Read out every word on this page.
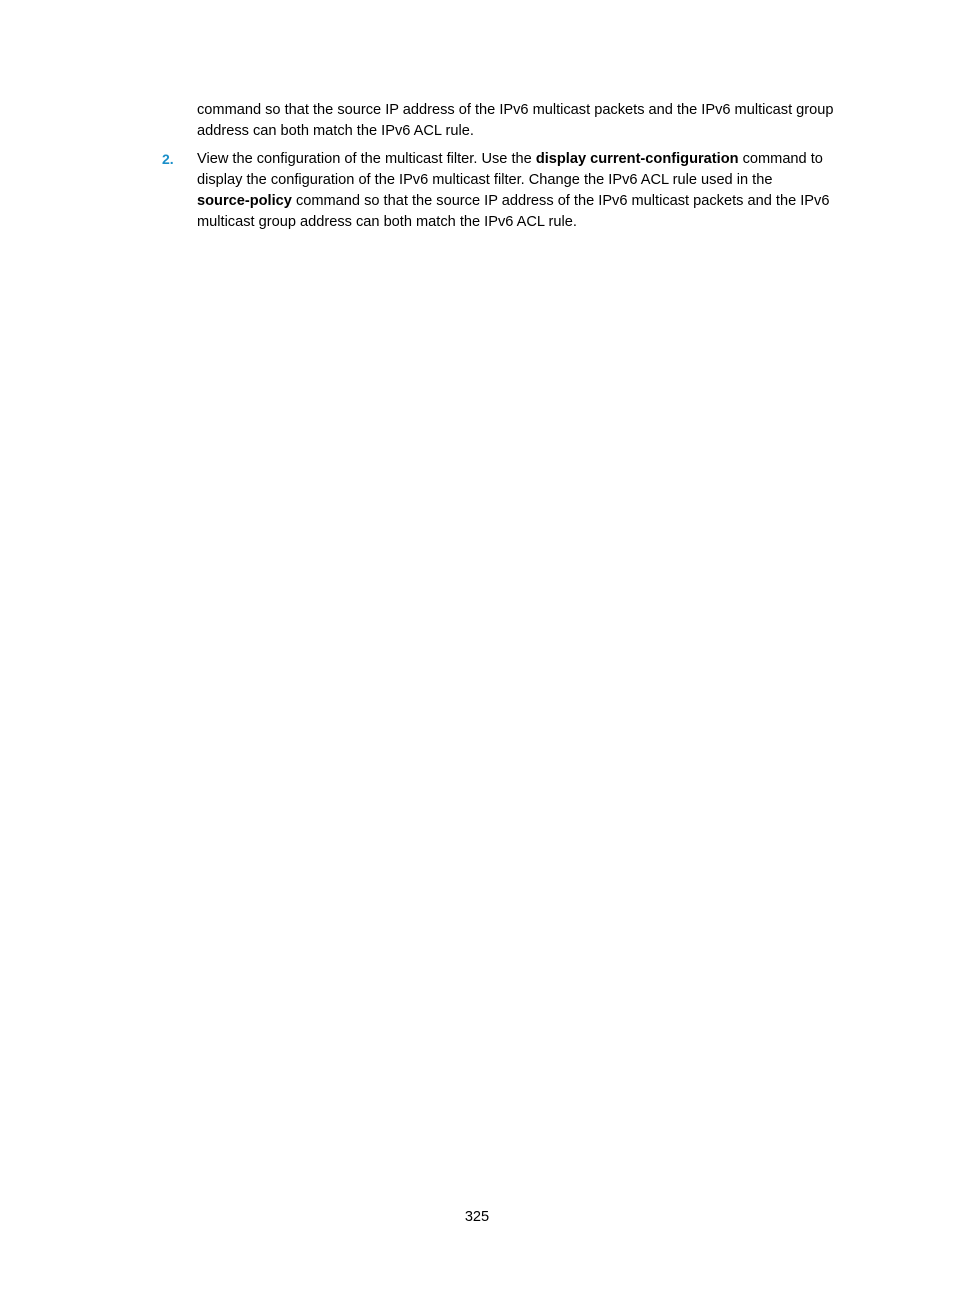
command so that the source IP address of the IPv6 multicast packets and the IPv6 multicast group
address can both match the IPv6 ACL rule.
2. View the configuration of the multicast filter. Use the display current-configuration command to
display the configuration of the IPv6 multicast filter. Change the IPv6 ACL rule used in the
source-policy command so that the source IP address of the IPv6 multicast packets and the IPv6
multicast group address can both match the IPv6 ACL rule.
325
